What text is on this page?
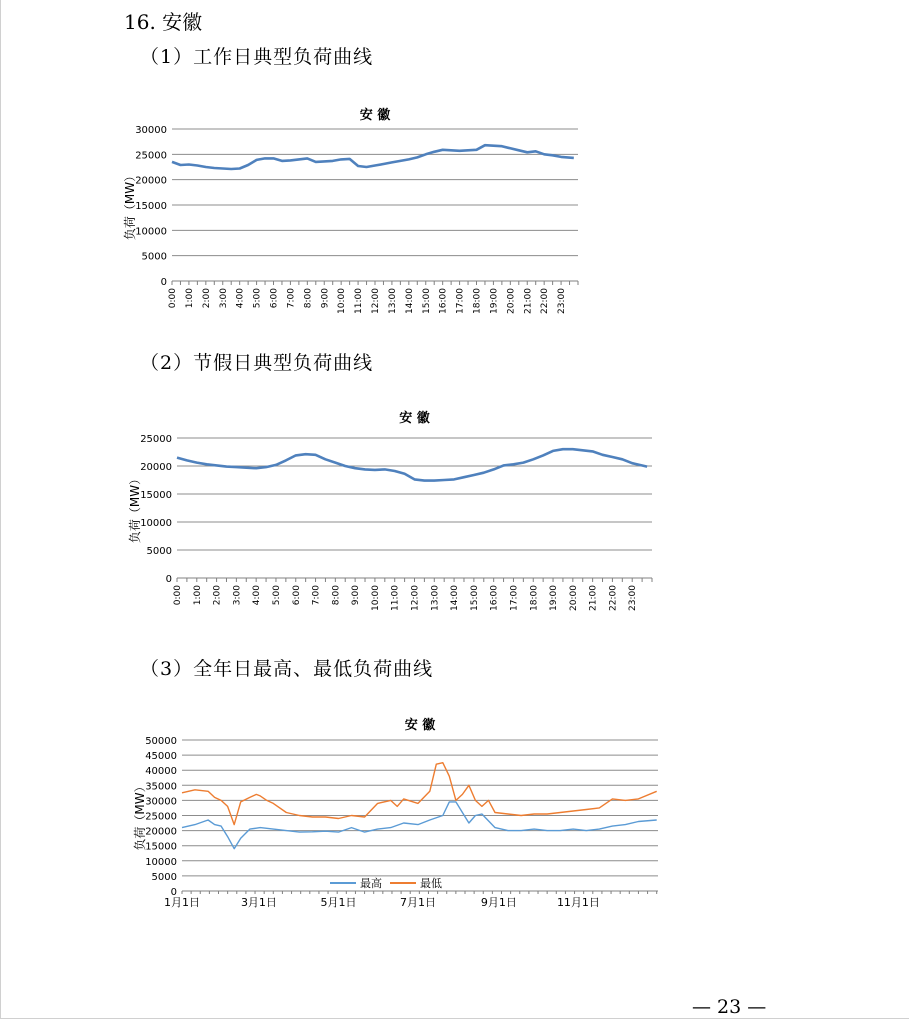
16. 安徽
（1）工作日典型负荷曲线
（2）节假日典型负荷曲线
（3）全年日最高、最低负荷曲线
安 徽
0
5000
10000
15000
20000
25000
30000
负荷（MW）
0:00 1:00 2:00 3:00 4:00 5:00 6:00 7:00 8:00 9:00 10:00 11:00 12:00 13:00 14:00 15:00 16:00 17:00 18:00 19:00 20:00 21:00 22:00 23:00
安 徽
0
5000
10000
15000
20000
25000
负荷（MW）
0:00 1:00 2:00 3:00 4:00 5:00 6:00 7:00 8:00 9:00 10:00 11:00 12:00 13:00 14:00 15:00 16:00 17:00 18:00 19:00 20:00 21:00 22:00 23:00
安 徽
0
5000
10000
15000
20000
25000
30000
35000
40000
45000
50000
负荷（MW）
1月1日	3月1日	5月1日	7月1日	9月1日	11月1日
最高	最低
— 23 —
